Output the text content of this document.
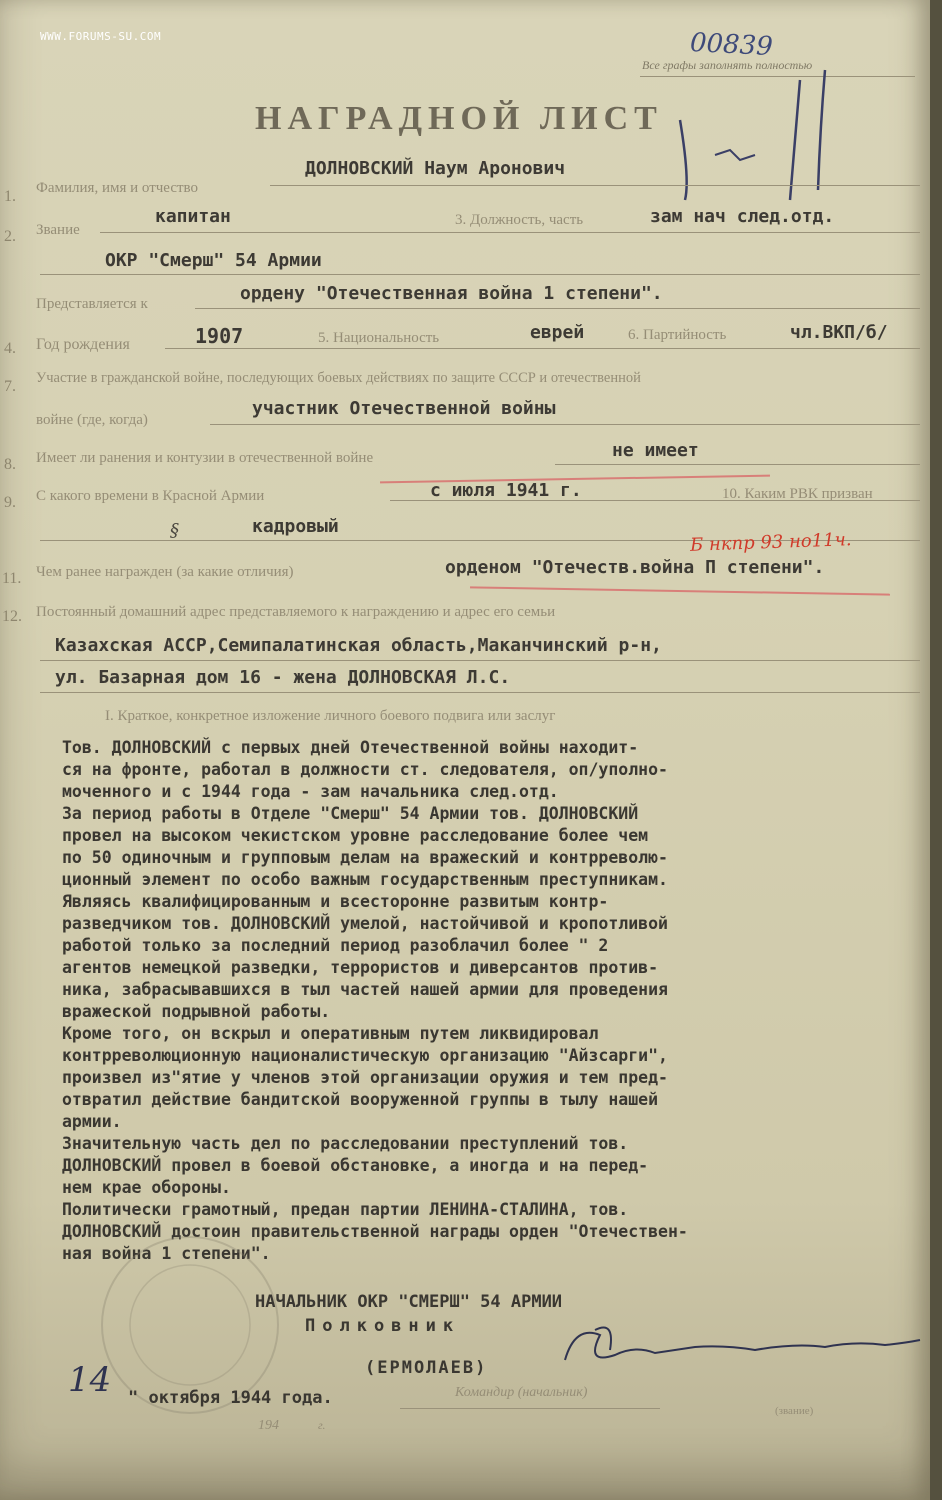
WWW.FORUMS-SU.COM	00839
Все графы заполнять полностью
НАГРАДНОЙ ЛИСТ
ДОЛНОВСКИЙ Наум Аронович
1. Фамилия, имя и отчество
2. Звание
капитан	3. Должность, часть	зам нач след.отд.
ОКР "Смерш" 54 Армии
Представляется к	ордену "Отечественная война 1 степени".
4. Год рождения	1907	5. Национальность	еврей	6. Партийность	чл.ВКП/б/
7. Участие в гражданской войне, последующих боевых действиях по защите СССР и отечественной
войне (где, когда)
участник Отечественной войны
8. Имеет ли ранения и контузии в отечественной войне	не имеет
9. С какого времени в Красной Армии	с июля 1941 г.	10. Каким РВК призван
§	кадровый
Б нкпр 93 но11ч.
11. Чем ранее награжден (за какие отличия)	орденом "Отечеств.война П степени".
12. Постоянный домашний адрес представляемого к награждению и адрес его семьи
Казахская АССР,Семипалатинская область,Маканчинский р-н,
ул. Базарная дом 16 - жена ДОЛНОВСКАЯ Л.С.
I. Краткое, конкретное изложение личного боевого подвига или заслуг
Тов. ДОЛНОВСКИЙ с первых дней Отечественной войны находит-
ся на фронте, работал в должности ст. следователя, оп/уполно-
моченного и с 1944 года - зам начальника след.отд.
За период работы в Отделе "Смерш" 54 Армии тов. ДОЛНОВСКИЙ
провел на высоком чекистском уровне расследование более чем
по 50 одиночным и групповым делам на вражеский и контрреволю-
ционный элемент по особо важным государственным преступникам.
Являясь квалифицированным и всесторонне развитым контр-
разведчиком тов. ДОЛНОВСКИЙ умелой, настойчивой и кропотливой
работой только за последний период разоблачил более " 2
агентов немецкой разведки, террористов и диверсантов против-
ника, забрасывавшихся в тыл частей нашей армии для проведения
вражеской подрывной работы.
Кроме того, он вскрыл и оперативным путем ликвидировал
контрреволюционную националистическую организацию "Айзсарги",
произвел из"ятие у членов этой организации оружия и тем пред-
отвратил действие бандитской вооруженной группы в тылу нашей
армии.
Значительную часть дел по расследовании преступлений тов.
ДОЛНОВСКИЙ провел в боевой обстановке, а иногда и на перед-
нем крае обороны.
Политически грамотный, предан партии ЛЕНИНА-СТАЛИНА, тов.
ДОЛНОВСКИЙ достоин правительственной награды орден "Отечествен-
ная война 1 степени".
НАЧАЛЬНИК ОКР "СМЕРШ" 54 АРМИИ
Полковник
(ЕРМОЛАЕВ)
14 " октября 1944 года.	Командир (начальник)
194	г.
(звание)
